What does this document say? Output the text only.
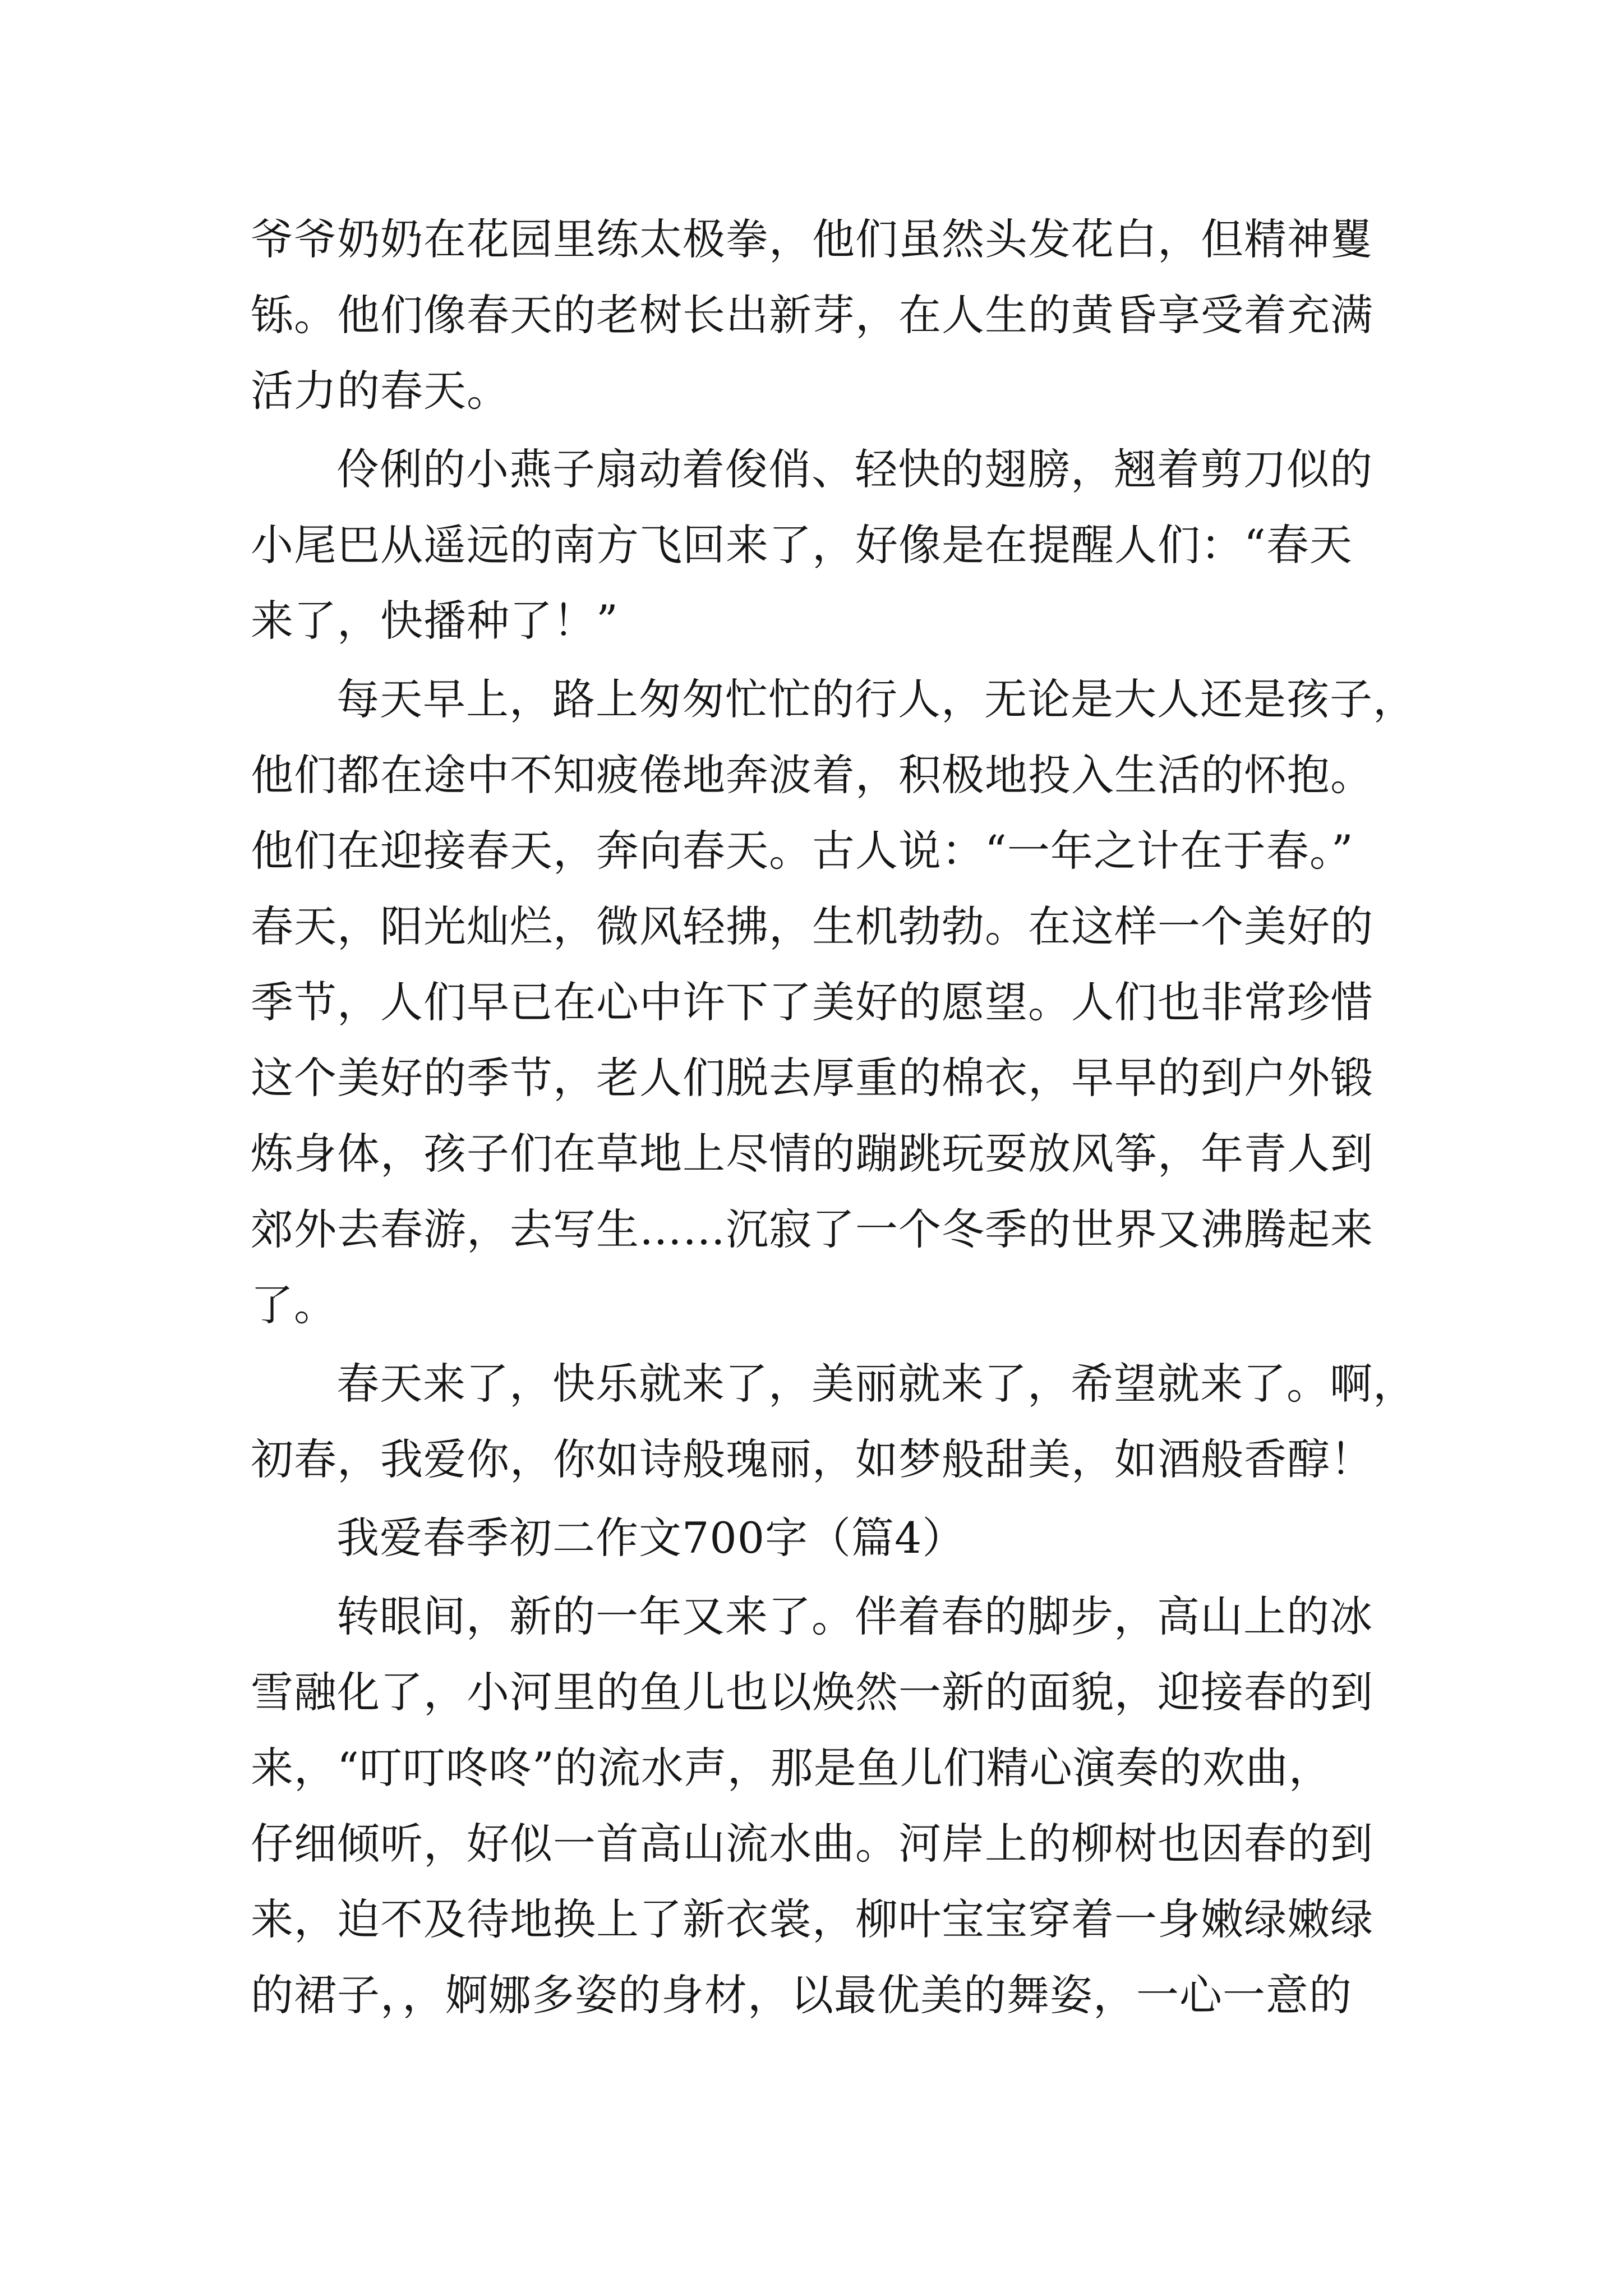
爷爷奶奶在花园里练太极拳，他们虽然头发花白，但精神矍
铄。他们像春天的老树长出新芽，在人生的黄昏享受着充满
活力的春天。
伶俐的小燕子扇动着俊俏、轻快的翅膀，翘着剪刀似的
小尾巴从遥远的南方飞回来了，好像是在提醒人们：“春天
来了，快播种了！”
每天早上，路上匆匆忙忙的行人，无论是大人还是孩子，
他们都在途中不知疲倦地奔波着，积极地投入生活的怀抱。
他们在迎接春天，奔向春天。古人说：“一年之计在于春。”
春天，阳光灿烂，微风轻拂，生机勃勃。在这样一个美好的
季节，人们早已在心中许下了美好的愿望。人们也非常珍惜
这个美好的季节，老人们脱去厚重的棉衣，早早的到户外锻
炼身体，孩子们在草地上尽情的蹦跳玩耍放风筝，年青人到
郊外去春游，去写生……沉寂了一个冬季的世界又沸腾起来
了。
春天来了，快乐就来了，美丽就来了，希望就来了。啊，
初春，我爱你，你如诗般瑰丽，如梦般甜美，如酒般香醇！
我爱春季初二作文700字（篇4）
转眼间，新的一年又来了。伴着春的脚步，高山上的冰
雪融化了，小河里的鱼儿也以焕然一新的面貌，迎接春的到
来，“叮叮咚咚”的流水声，那是鱼儿们精心演奏的欢曲，
仔细倾听，好似一首高山流水曲。河岸上的柳树也因春的到
来，迫不及待地换上了新衣裳，柳叶宝宝穿着一身嫩绿嫩绿
的裙子，，婀娜多姿的身材，以最优美的舞姿，一心一意的
